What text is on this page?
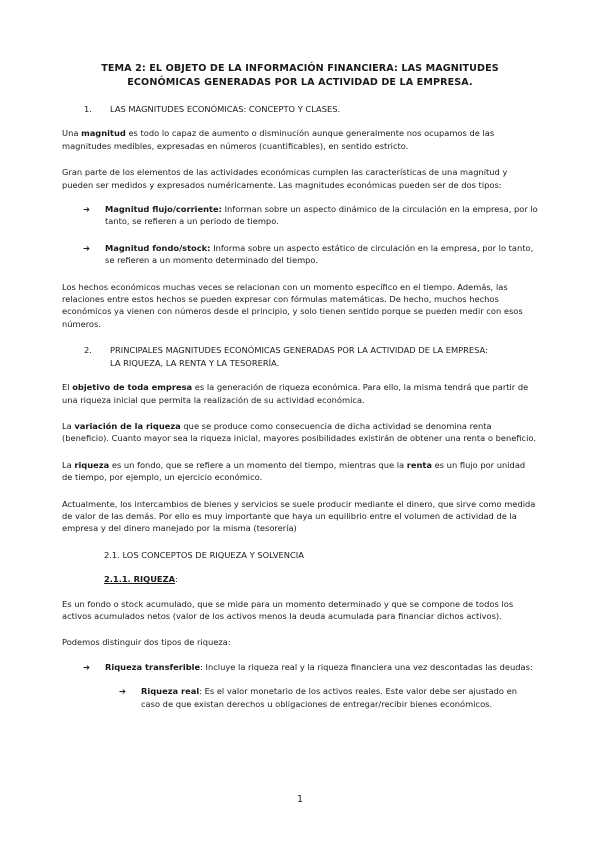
TEMA 2: EL OBJETO DE LA INFORMACIÓN FINANCIERA: LAS MAGNITUDES
ECONÓMICAS GENERADAS POR LA ACTIVIDAD DE LA EMPRESA.
1.	LAS MAGNITUDES ECONÓMICAS: CONCEPTO Y CLASES.

Una magnitud es todo lo capaz de aumento o disminución aunque generalmente nos ocupamos de las magnitudes medibles, expresadas en números (cuantificables), en sentido estricto.

Gran parte de los elementos de las actividades económicas cumplen las características de una magnitud y pueden ser medidos y expresados numéricamente. Las magnitudes económicas pueden ser de dos tipos:

➔	Magnitud flujo/corriente: Informan sobre un aspecto dinámico de la circulación en la empresa, por lo tanto, se refieren a un periodo de tiempo.

➔	Magnitud fondo/stock: Informa sobre un aspecto estático de circulación en la empresa, por lo tanto, se refieren a un momento determinado del tiempo.

Los hechos económicos muchas veces se relacionan con un momento específico en el tiempo. Además, las relaciones entre estos hechos se pueden expresar con fórmulas matemáticas. De hecho, muchos hechos económicos ya vienen con números desde el principio, y solo tienen sentido porque se pueden medir con esos números.

2.	PRINCIPALES MAGNITUDES ECONÓMICAS GENERADAS POR LA ACTIVIDAD DE LA EMPRESA:
LA RIQUEZA, LA RENTA Y LA TESORERÍA.

El objetivo de toda empresa es la generación de riqueza económica. Para ello, la misma tendrá que partir de una riqueza inicial que permita la realización de su actividad económica.

La variación de la riqueza que se produce como consecuencia de dicha actividad se denomina renta (beneficio). Cuanto mayor sea la riqueza inicial, mayores posibilidades existirán de obtener una renta o beneficio.

La riqueza es un fondo, que se refiere a un momento del tiempo, mientras que la renta es un flujo por unidad de tiempo, por ejemplo, un ejercicio económico.

Actualmente, los intercambios de bienes y servicios se suele producir mediante el dinero, que sirve como medida de valor de las demás. Por ello es muy importante que haya un equilibrio entre el volumen de actividad de la empresa y del dinero manejado por la misma (tesorería)

2.1. LOS CONCEPTOS DE RIQUEZA Y SOLVENCIA

2.1.1. RIQUEZA:

Es un fondo o stock acumulado, que se mide para un momento determinado y que se compone de todos los activos acumulados netos (valor de los activos menos la deuda acumulada para financiar dichos activos).

Podemos distinguir dos tipos de riqueza:

➔	Riqueza transferible: Incluye la riqueza real y la riqueza financiera una vez descontadas las deudas:

➔	Riqueza real: Es el valor monetario de los activos reales. Este valor debe ser ajustado en caso de que existan derechos u obligaciones de entregar/recibir bienes económicos.

1
